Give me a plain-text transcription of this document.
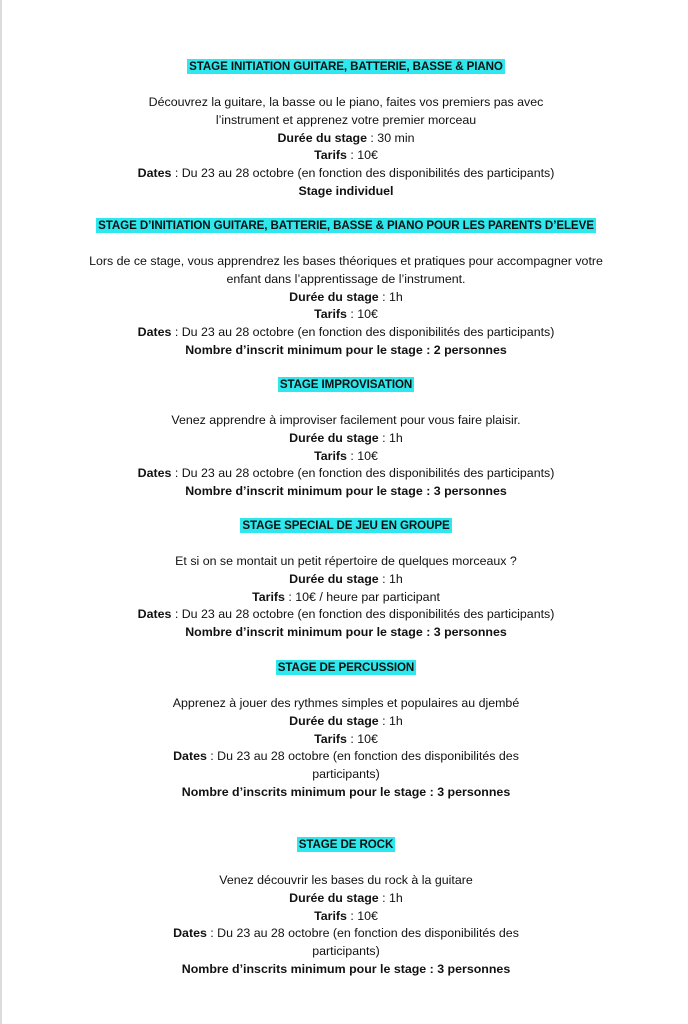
STAGE INITIATION GUITARE, BATTERIE, BASSE & PIANO
Découvrez la guitare, la basse ou le piano, faites vos premiers pas avec
l’instrument et apprenez votre premier morceau
Durée du stage : 30 min
Tarifs : 10€
Dates : Du 23 au 28 octobre (en fonction des disponibilités des participants)
Stage individuel
STAGE D’INITIATION GUITARE, BATTERIE, BASSE & PIANO POUR LES PARENTS D’ELEVE
Lors de ce stage, vous apprendrez les bases théoriques et pratiques pour accompagner votre
enfant dans l’apprentissage de l’instrument.
Durée du stage : 1h
Tarifs : 10€
Dates : Du 23 au 28 octobre (en fonction des disponibilités des participants)
Nombre d’inscrit minimum pour le stage : 2 personnes
STAGE IMPROVISATION
Venez apprendre à improviser facilement pour vous faire plaisir.
Durée du stage : 1h
Tarifs : 10€
Dates : Du 23 au 28 octobre (en fonction des disponibilités des participants)
Nombre d’inscrit minimum pour le stage : 3 personnes
STAGE SPECIAL DE JEU EN GROUPE
Et si on se montait un petit répertoire de quelques morceaux ?
Durée du stage : 1h
Tarifs : 10€ / heure par participant
Dates : Du 23 au 28 octobre (en fonction des disponibilités des participants)
Nombre d’inscrit minimum pour le stage : 3 personnes
STAGE DE PERCUSSION
Apprenez à jouer des rythmes simples et populaires au djembé
Durée du stage : 1h
Tarifs : 10€
Dates : Du 23 au 28 octobre (en fonction des disponibilités des
participants)
Nombre d’inscrits minimum pour le stage : 3 personnes
STAGE DE ROCK
Venez découvrir les bases du rock à la guitare
Durée du stage : 1h
Tarifs : 10€
Dates : Du 23 au 28 octobre (en fonction des disponibilités des
participants)
Nombre d’inscrits minimum pour le stage : 3 personnes
